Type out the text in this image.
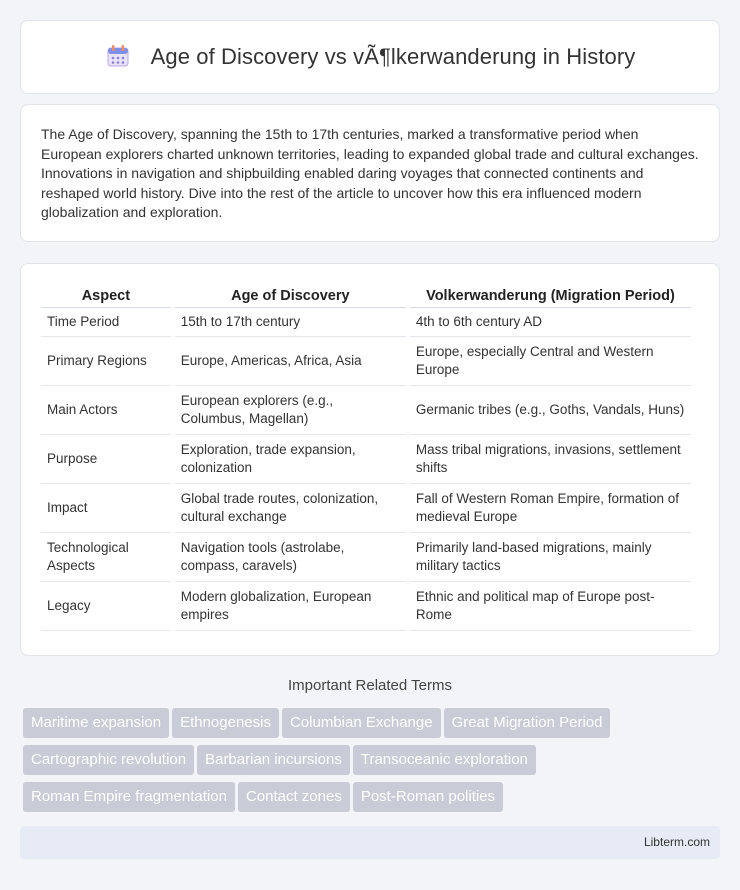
Age of Discovery vs vÃ¶lkerwanderung in History

The Age of Discovery, spanning the 15th to 17th centuries, marked a transformative period when European explorers charted unknown territories, leading to expanded global trade and cultural exchanges. Innovations in navigation and shipbuilding enabled daring voyages that connected continents and reshaped world history. Dive into the rest of the article to uncover how this era influenced modern globalization and exploration.

Aspect	Age of Discovery	Volkerwanderung (Migration Period)
Time Period	15th to 17th century	4th to 6th century AD
Primary Regions	Europe, Americas, Africa, Asia	Europe, especially Central and Western Europe
Main Actors	European explorers (e.g., Columbus, Magellan)	Germanic tribes (e.g., Goths, Vandals, Huns)
Purpose	Exploration, trade expansion, colonization	Mass tribal migrations, invasions, settlement shifts
Impact	Global trade routes, colonization, cultural exchange	Fall of Western Roman Empire, formation of medieval Europe
Technological Aspects	Navigation tools (astrolabe, compass, caravels)	Primarily land-based migrations, mainly military tactics
Legacy	Modern globalization, European empires	Ethnic and political map of Europe post-Rome
Important Related Terms
Maritime expansion Ethnogenesis Columbian Exchange Great Migration Period
Cartographic revolution Barbarian incursions Transoceanic exploration
Roman Empire fragmentation Contact zones Post-Roman polities
Libterm.com
